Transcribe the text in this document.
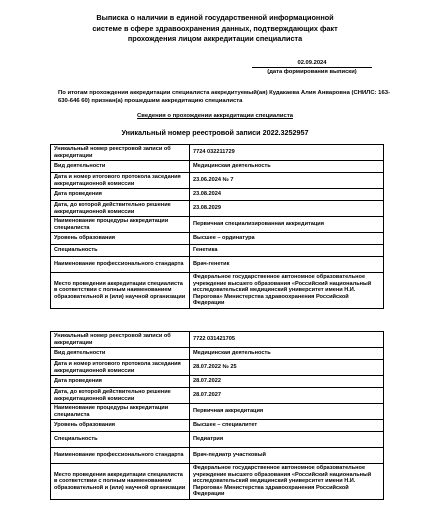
Выписка о наличии в единой государственной информационной
системе в сфере здравоохранения данных, подтверждающих факт
прохождения лицом аккредитации специалиста
02.09.2024
(дата формирования выписки)
По итогам прохождения аккредитации специалиста аккредитуемый(ая) Кудакаева Алия Анваровна (СНИЛС: 163-630-646 60) признан(а) прошедшим аккредитацию специалиста
Сведения о прохождении аккредитации специалиста
Уникальный номер реестровой записи 2022.3252957
Уникальный номер реестровой записи об аккредитации	7724 032211729
Вид деятельности	Медицинская деятельность
Дата и номер итогового протокола заседания аккредитационной комиссии	23.06.2024 № 7
Дата проведения	23.08.2024
Дата, до которой действительно решение аккредитационной комиссии	23.08.2029
Наименование процедуры аккредитации специалиста	Первичная специализированная аккредитация
Уровень образования	Высшее – ординатура
Специальность	Генетика
Наименование профессионального стандарта	Врач-генетик
Место проведения аккредитации специалиста в соответствии с полным наименованием образовательной и (или) научной организации	Федеральное государственное автономное образовательное учреждение высшего образования «Российский национальный исследовательский медицинский университет имени Н.И. Пирогова» Министерства здравоохранения Российской Федерации
Уникальный номер реестровой записи об аккредитации	7722 031421705
Вид деятельности	Медицинская деятельность
Дата и номер итогового протокола заседания аккредитационной комиссии	28.07.2022 № 25
Дата проведения	28.07.2022
Дата, до которой действительно решение аккредитационной комиссии	28.07.2027
Наименование процедуры аккредитации специалиста	Первичная аккредитация
Уровень образования	Высшее – специалитет
Специальность	Педиатрия
Наименование профессионального стандарта	Врач-педиатр участковый
Место проведения аккредитации специалиста в соответствии с полным наименованием образовательной и (или) научной организации	Федеральное государственное автономное образовательное учреждение высшего образования «Российский национальный исследовательский медицинский университет имени Н.И. Пирогова» Министерства здравоохранения Российской Федерации
